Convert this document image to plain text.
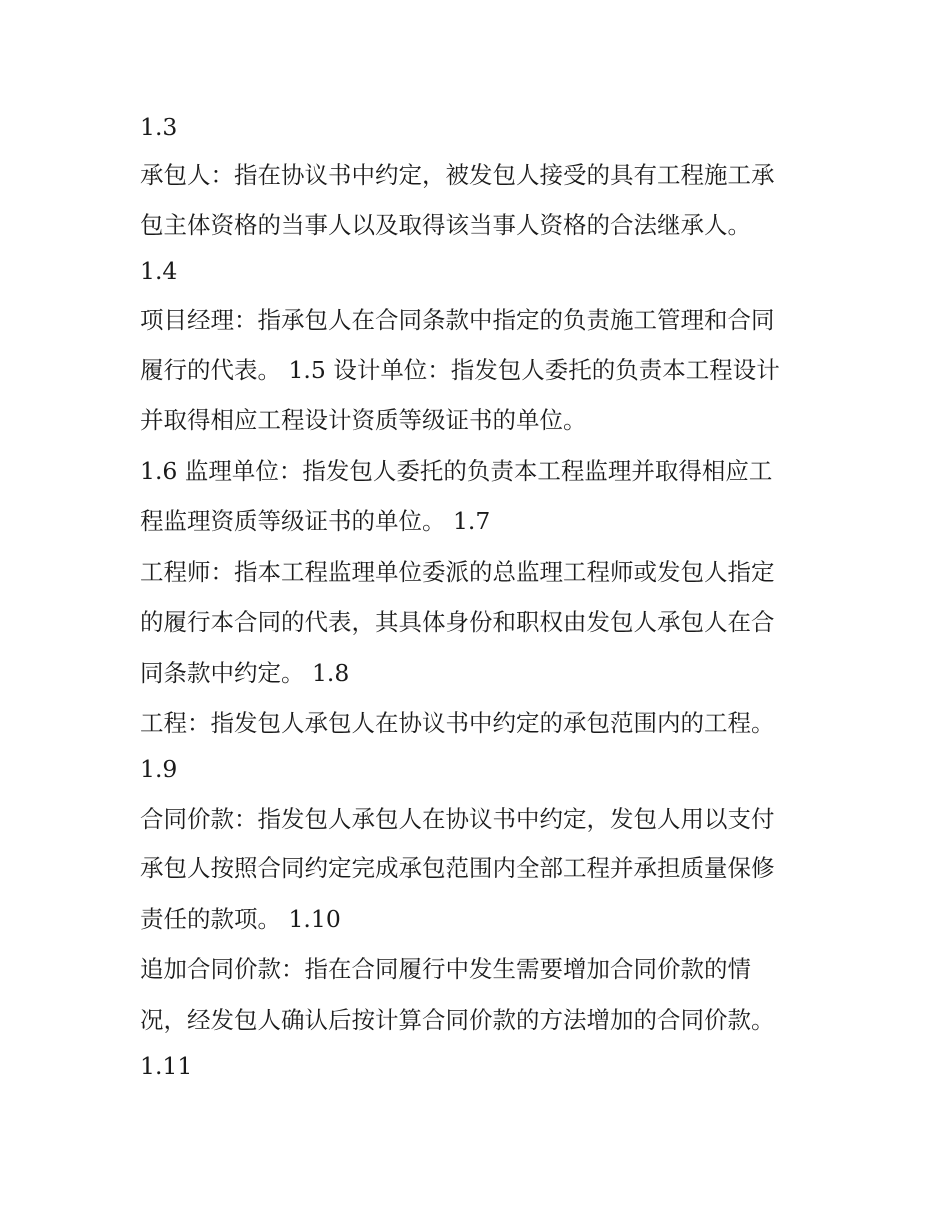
1.3
承包人：指在协议书中约定，被发包人接受的具有工程施工承
包主体资格的当事人以及取得该当事人资格的合法继承人。
1.4
项目经理：指承包人在合同条款中指定的负责施工管理和合同
履行的代表。 1.5 设计单位：指发包人委托的负责本工程设计
并取得相应工程设计资质等级证书的单位。
1.6 监理单位：指发包人委托的负责本工程监理并取得相应工
程监理资质等级证书的单位。 1.7
工程师：指本工程监理单位委派的总监理工程师或发包人指定
的履行本合同的代表，其具体身份和职权由发包人承包人在合
同条款中约定。 1.8
工程：指发包人承包人在协议书中约定的承包范围内的工程。
1.9
合同价款：指发包人承包人在协议书中约定，发包人用以支付
承包人按照合同约定完成承包范围内全部工程并承担质量保修
责任的款项。 1.10
追加合同价款：指在合同履行中发生需要增加合同价款的情
况，经发包人确认后按计算合同价款的方法增加的合同价款。
1.11
